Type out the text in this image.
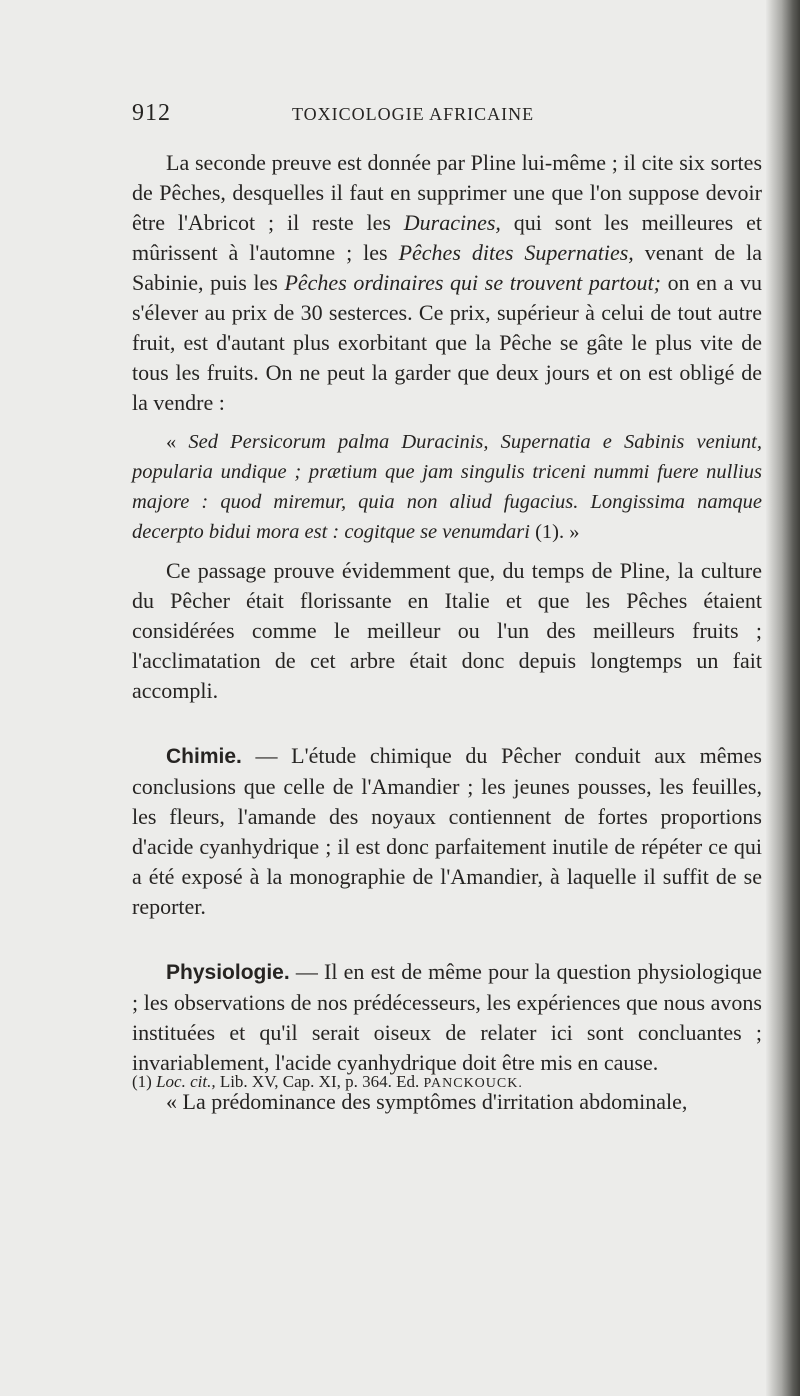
912	TOXICOLOGIE AFRICAINE

La seconde preuve est donnée par Pline lui-même ; il cite six sortes de Pêches, desquelles il faut en supprimer une que l'on suppose devoir être l'Abricot ; il reste les Duracines, qui sont les meilleures et mûrissent à l'automne ; les Pêches dites Supernaties, venant de la Sabinie, puis les Pêches ordinaires qui se trouvent partout; on en a vu s'élever au prix de 30 sesterces. Ce prix, supérieur à celui de tout autre fruit, est d'autant plus exorbitant que la Pêche se gâte le plus vite de tous les fruits. On ne peut la garder que deux jours et on est obligé de la vendre :

« Sed Persicorum palma Duracinis, Supernatia e Sabinis veniunt, popularia undique ; prætium que jam singulis triceni nummi fuere nullius majore : quod miremur, quia non aliud fugacius. Longissima namque decerpto bidui mora est : cogitque se venumdari (1). »

Ce passage prouve évidemment que, du temps de Pline, la culture du Pêcher était florissante en Italie et que les Pêches étaient considérées comme le meilleur ou l'un des meilleurs fruits ; l'acclimatation de cet arbre était donc depuis longtemps un fait accompli.

Chimie. — L'étude chimique du Pêcher conduit aux mêmes conclusions que celle de l'Amandier ; les jeunes pousses, les feuilles, les fleurs, l'amande des noyaux contiennent de fortes proportions d'acide cyanhydrique ; il est donc parfaitement inutile de répéter ce qui a été exposé à la monographie de l'Amandier, à laquelle il suffit de se reporter.

Physiologie. — Il en est de même pour la question physiologique ; les observations de nos prédécesseurs, les expériences que nous avons instituées et qu'il serait oiseux de relater ici sont concluantes ; invariablement, l'acide cyanhydrique doit être mis en cause.

« La prédominance des symptômes d'irritation abdominale,

(1) Loc. cit., Lib. XV, Cap. XI, p. 364. Ed. PANCKOUCK.
